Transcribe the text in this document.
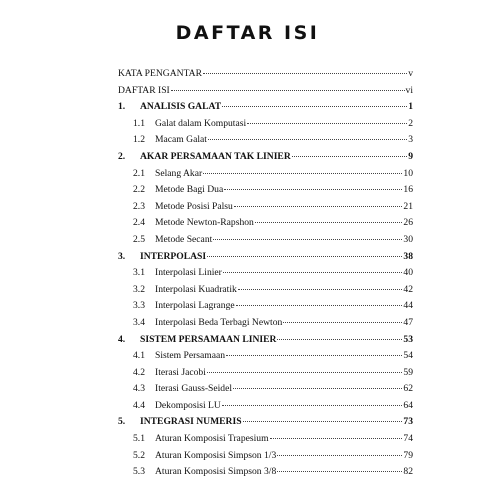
DAFTAR ISI
KATA PENGANTAR	v
DAFTAR ISI	vi
1.	ANALISIS GALAT	1
1.1	Galat dalam Komputasi	2
1.2	Macam Galat	3
2.	AKAR PERSAMAAN TAK LINIER	9
2.1	Selang Akar	10
2.2	Metode Bagi Dua	16
2.3	Metode Posisi Palsu	21
2.4	Metode Newton-Rapshon	26
2.5	Metode Secant	30
3.	INTERPOLASI	38
3.1	Interpolasi Linier	40
3.2	Interpolasi Kuadratik	42
3.3	Interpolasi Lagrange	44
3.4	Interpolasi Beda Terbagi Newton	47
4.	SISTEM PERSAMAAN LINIER	53
4.1	Sistem Persamaan	54
4.2	Iterasi Jacobi	59
4.3	Iterasi Gauss-Seidel	62
4.4	Dekomposisi LU	64
5.	INTEGRASI NUMERIS	73
5.1	Aturan Komposisi Trapesium	74
5.2	Aturan Komposisi Simpson 1/3	79
5.3	Aturan Komposisi Simpson 3/8	82
